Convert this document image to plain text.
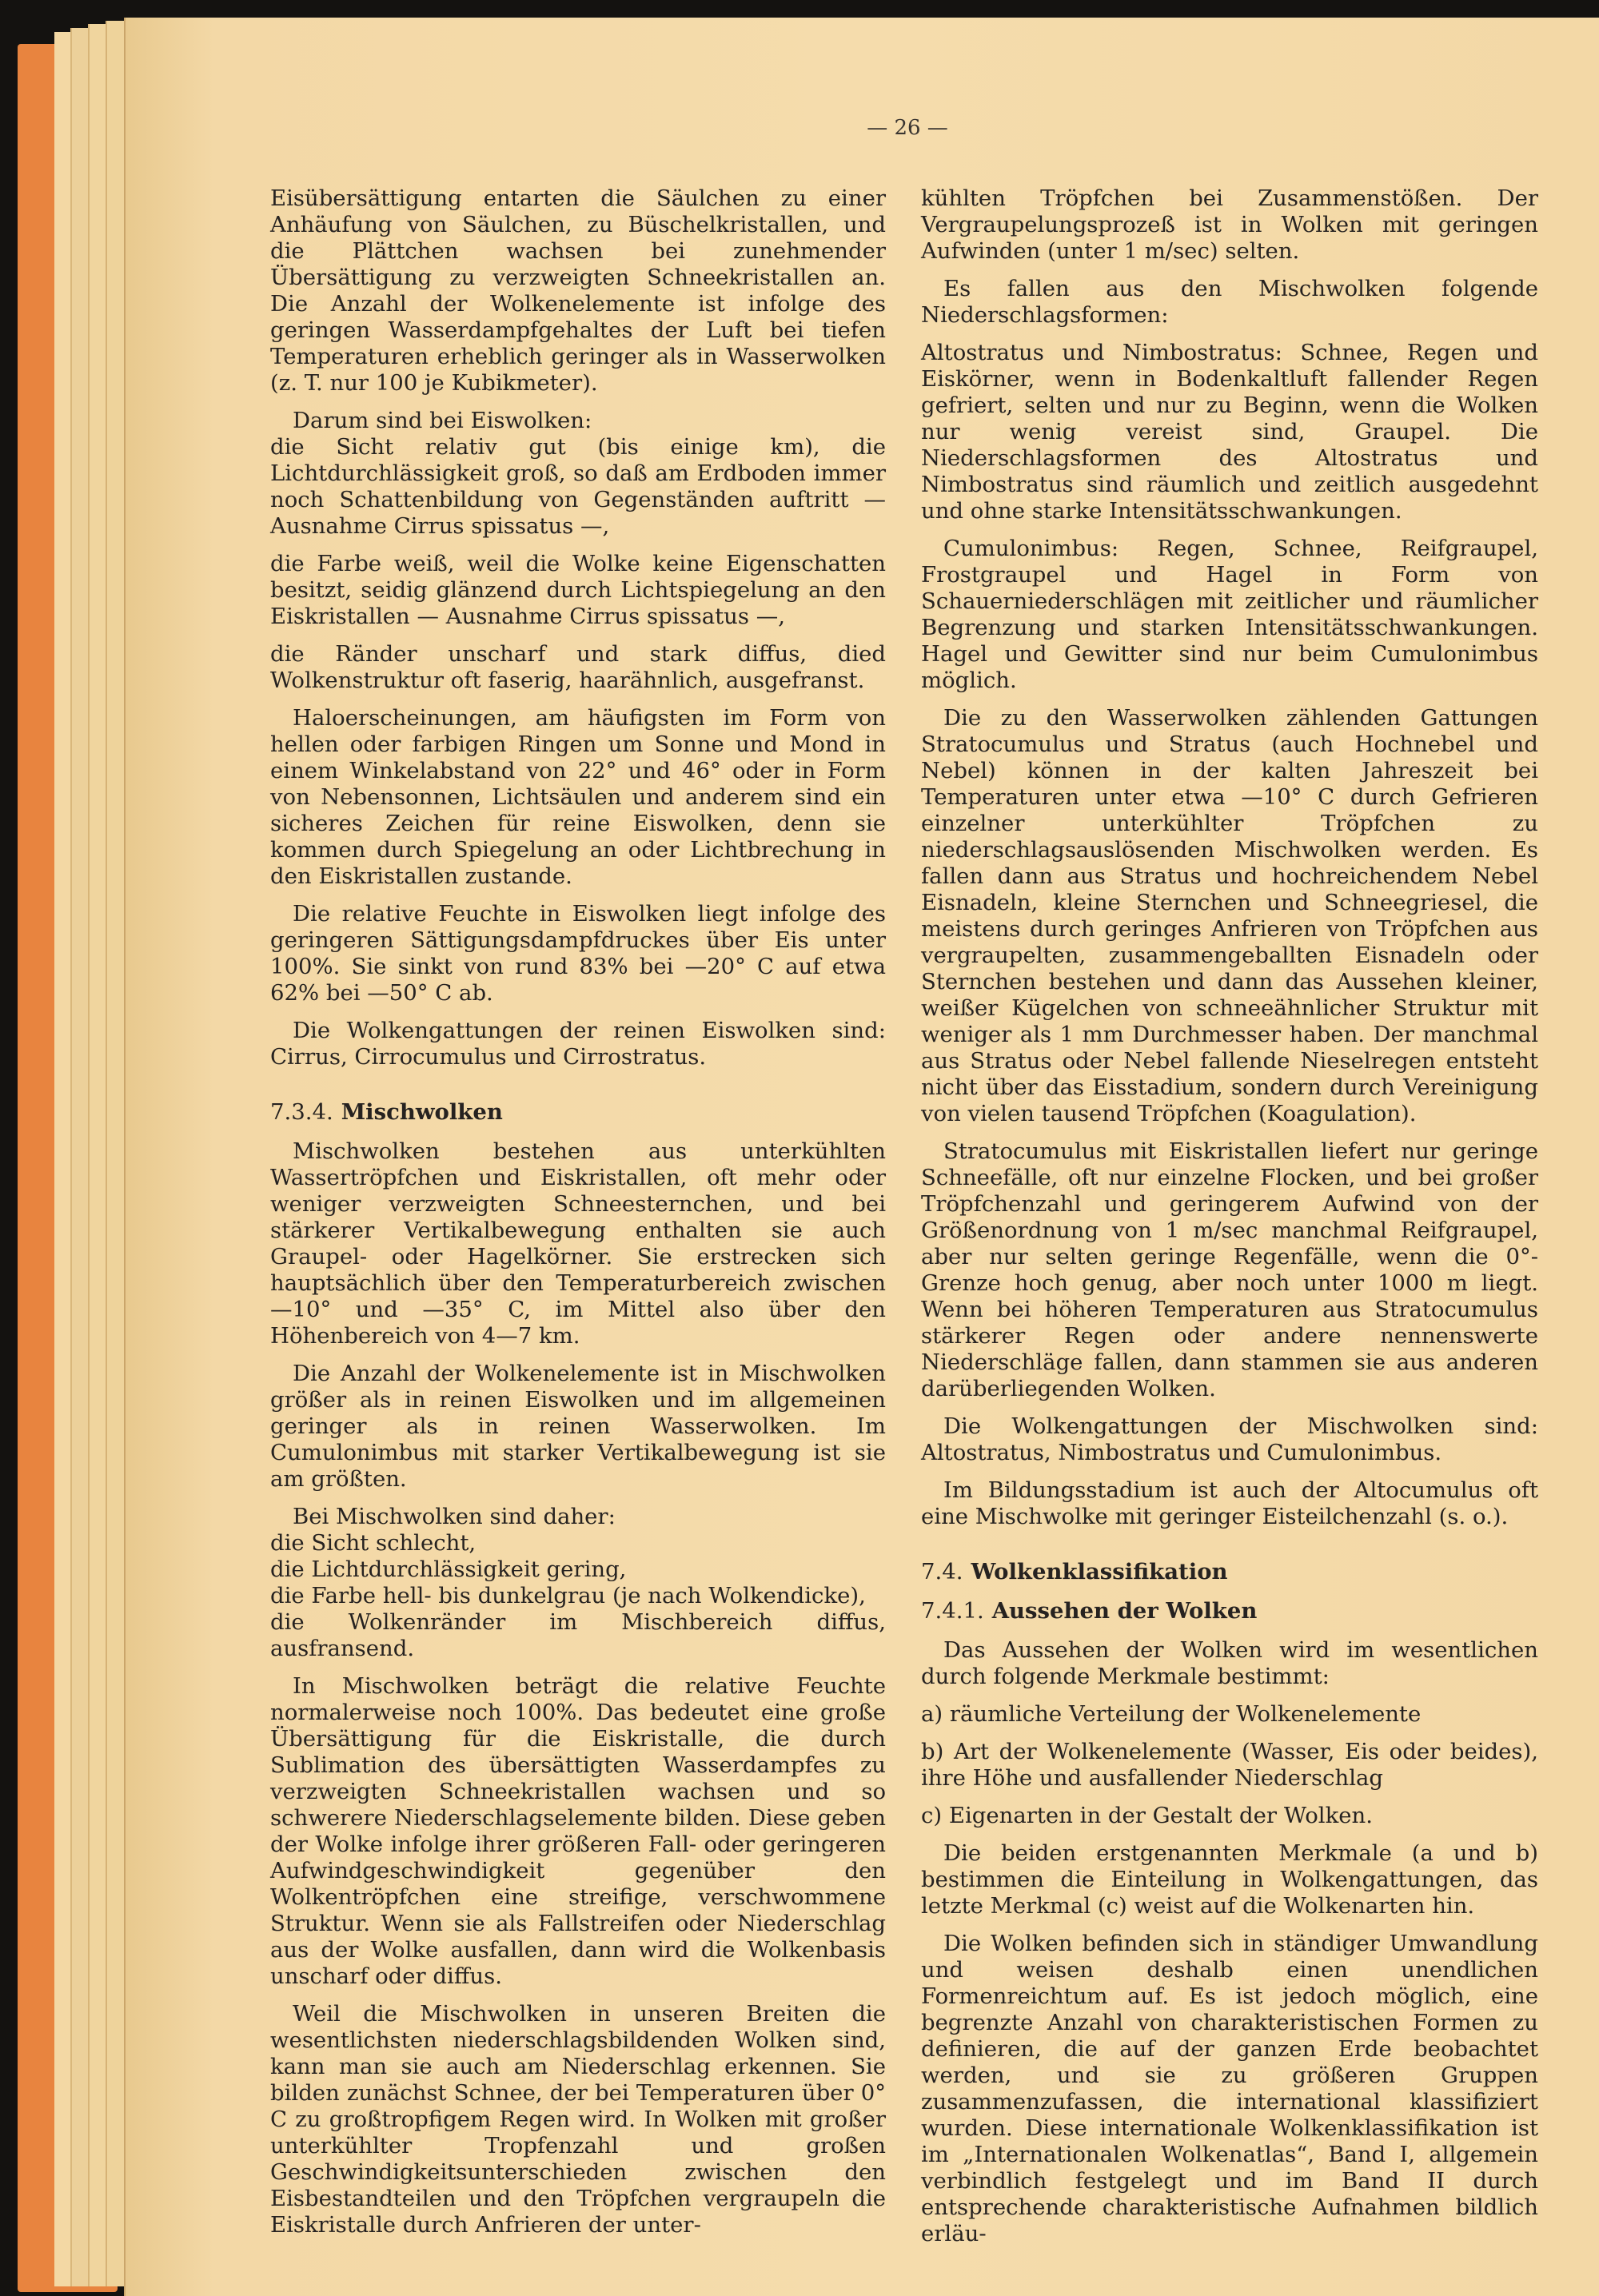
— 26 —

Eisübersättigung entarten die Säulchen zu einer Anhäufung von Säulchen, zu Büschelkristallen, und die Plättchen wachsen bei zunehmender Übersättigung zu verzweigten Schneekristallen an. Die Anzahl der Wolkenelemente ist infolge des geringen Wasserdampfgehaltes der Luft bei tiefen Temperaturen erheblich geringer als in Wasserwolken (z. T. nur 100 je Kubikmeter).

Darum sind bei Eiswolken:

die Sicht relativ gut (bis einige km), die Lichtdurchlässigkeit groß, so daß am Erdboden immer noch Schattenbildung von Gegenständen auftritt — Ausnahme Cirrus spissatus —,

die Farbe weiß, weil die Wolke keine Eigenschatten besitzt, seidig glänzend durch Lichtspiegelung an den Eiskristallen — Ausnahme Cirrus spissatus —,

die Ränder unscharf und stark diffus, died Wolkenstruktur oft faserig, haarähnlich, ausgefranst.

Haloerscheinungen, am häufigsten im Form von hellen oder farbigen Ringen um Sonne und Mond in einem Winkelabstand von 22° und 46° oder in Form von Nebensonnen, Lichtsäulen und anderem sind ein sicheres Zeichen für reine Eiswolken, denn sie kommen durch Spiegelung an oder Lichtbrechung in den Eiskristallen zustande.

Die relative Feuchte in Eiswolken liegt infolge des geringeren Sättigungsdampfdruckes über Eis unter 100%. Sie sinkt von rund 83% bei —20° C auf etwa 62% bei —50° C ab.

Die Wolkengattungen der reinen Eiswolken sind: Cirrus, Cirrocumulus und Cirrostratus.

7.3.4. Mischwolken

Mischwolken bestehen aus unterkühlten Wassertröpfchen und Eiskristallen, oft mehr oder weniger verzweigten Schneesternchen, und bei stärkerer Vertikalbewegung enthalten sie auch Graupel- oder Hagelkörner. Sie erstrecken sich hauptsächlich über den Temperaturbereich zwischen —10° und —35° C, im Mittel also über den Höhenbereich von 4—7 km.

Die Anzahl der Wolkenelemente ist in Mischwolken größer als in reinen Eiswolken und im allgemeinen geringer als in reinen Wasserwolken. Im Cumulonimbus mit starker Vertikalbewegung ist sie am größten.

Bei Mischwolken sind daher:

die Sicht schlecht,

die Lichtdurchlässigkeit gering,

die Farbe hell- bis dunkelgrau (je nach Wolkendicke),

die Wolkenränder im Mischbereich diffus, ausfransend.

In Mischwolken beträgt die relative Feuchte normalerweise noch 100%. Das bedeutet eine große Übersättigung für die Eiskristalle, die durch Sublimation des übersättigten Wasserdampfes zu verzweigten Schneekristallen wachsen und so schwerere Niederschlagselemente bilden. Diese geben der Wolke infolge ihrer größeren Fall- oder geringeren Aufwindgeschwindigkeit gegenüber den Wolkentröpfchen eine streifige, verschwommene Struktur. Wenn sie als Fallstreifen oder Niederschlag aus der Wolke ausfallen, dann wird die Wolkenbasis unscharf oder diffus.

Weil die Mischwolken in unseren Breiten die wesentlichsten niederschlagsbildenden Wolken sind, kann man sie auch am Niederschlag erkennen. Sie bilden zunächst Schnee, der bei Temperaturen über 0° C zu großtropfigem Regen wird. In Wolken mit großer unterkühlter Tropfenzahl und großen Geschwindigkeitsunterschieden zwischen den Eisbestandteilen und den Tröpfchen vergraupeln die Eiskristalle durch Anfrieren der unter-

kühlten Tröpfchen bei Zusammenstößen. Der Vergraupelungsprozeß ist in Wolken mit geringen Aufwinden (unter 1 m/sec) selten.

Es fallen aus den Mischwolken folgende Niederschlagsformen:

Altostratus und Nimbostratus: Schnee, Regen und Eiskörner, wenn in Bodenkaltluft fallender Regen gefriert, selten und nur zu Beginn, wenn die Wolken nur wenig vereist sind, Graupel. Die Niederschlagsformen des Altostratus und Nimbostratus sind räumlich und zeitlich ausgedehnt und ohne starke Intensitätsschwankungen.

Cumulonimbus: Regen, Schnee, Reifgraupel, Frostgraupel und Hagel in Form von Schauerniederschlägen mit zeitlicher und räumlicher Begrenzung und starken Intensitätsschwankungen. Hagel und Gewitter sind nur beim Cumulonimbus möglich.

Die zu den Wasserwolken zählenden Gattungen Stratocumulus und Stratus (auch Hochnebel und Nebel) können in der kalten Jahreszeit bei Temperaturen unter etwa —10° C durch Gefrieren einzelner unterkühlter Tröpfchen zu niederschlagsauslösenden Mischwolken werden. Es fallen dann aus Stratus und hochreichendem Nebel Eisnadeln, kleine Sternchen und Schneegriesel, die meistens durch geringes Anfrieren von Tröpfchen aus vergraupelten, zusammengeballten Eisnadeln oder Sternchen bestehen und dann das Aussehen kleiner, weißer Kügelchen von schneeähnlicher Struktur mit weniger als 1 mm Durchmesser haben. Der manchmal aus Stratus oder Nebel fallende Nieselregen entsteht nicht über das Eisstadium, sondern durch Vereinigung von vielen tausend Tröpfchen (Koagulation).

Stratocumulus mit Eiskristallen liefert nur geringe Schneefälle, oft nur einzelne Flocken, und bei großer Tröpfchenzahl und geringerem Aufwind von der Größenordnung von 1 m/sec manchmal Reifgraupel, aber nur selten geringe Regenfälle, wenn die 0°-Grenze hoch genug, aber noch unter 1000 m liegt. Wenn bei höheren Temperaturen aus Stratocumulus stärkerer Regen oder andere nennenswerte Niederschläge fallen, dann stammen sie aus anderen darüberliegenden Wolken.

Die Wolkengattungen der Mischwolken sind: Altostratus, Nimbostratus und Cumulonimbus.

Im Bildungsstadium ist auch der Altocumulus oft eine Mischwolke mit geringer Eisteilchenzahl (s. o.).

7.4. Wolkenklassifikation
7.4.1. Aussehen der Wolken

Das Aussehen der Wolken wird im wesentlichen durch folgende Merkmale bestimmt:

a) räumliche Verteilung der Wolkenelemente

b) Art der Wolkenelemente (Wasser, Eis oder beides), ihre Höhe und ausfallender Niederschlag

c) Eigenarten in der Gestalt der Wolken.

Die beiden erstgenannten Merkmale (a und b) bestimmen die Einteilung in Wolkengattungen, das letzte Merkmal (c) weist auf die Wolkenarten hin.

Die Wolken befinden sich in ständiger Umwandlung und weisen deshalb einen unendlichen Formenreichtum auf. Es ist jedoch möglich, eine begrenzte Anzahl von charakteristischen Formen zu definieren, die auf der ganzen Erde beobachtet werden, und sie zu größeren Gruppen zusammenzufassen, die international klassifiziert wurden. Diese internationale Wolkenklassifikation ist im „Internationalen Wolkenatlas“, Band I, allgemein verbindlich festgelegt und im Band II durch entsprechende charakteristische Aufnahmen bildlich erläu-
